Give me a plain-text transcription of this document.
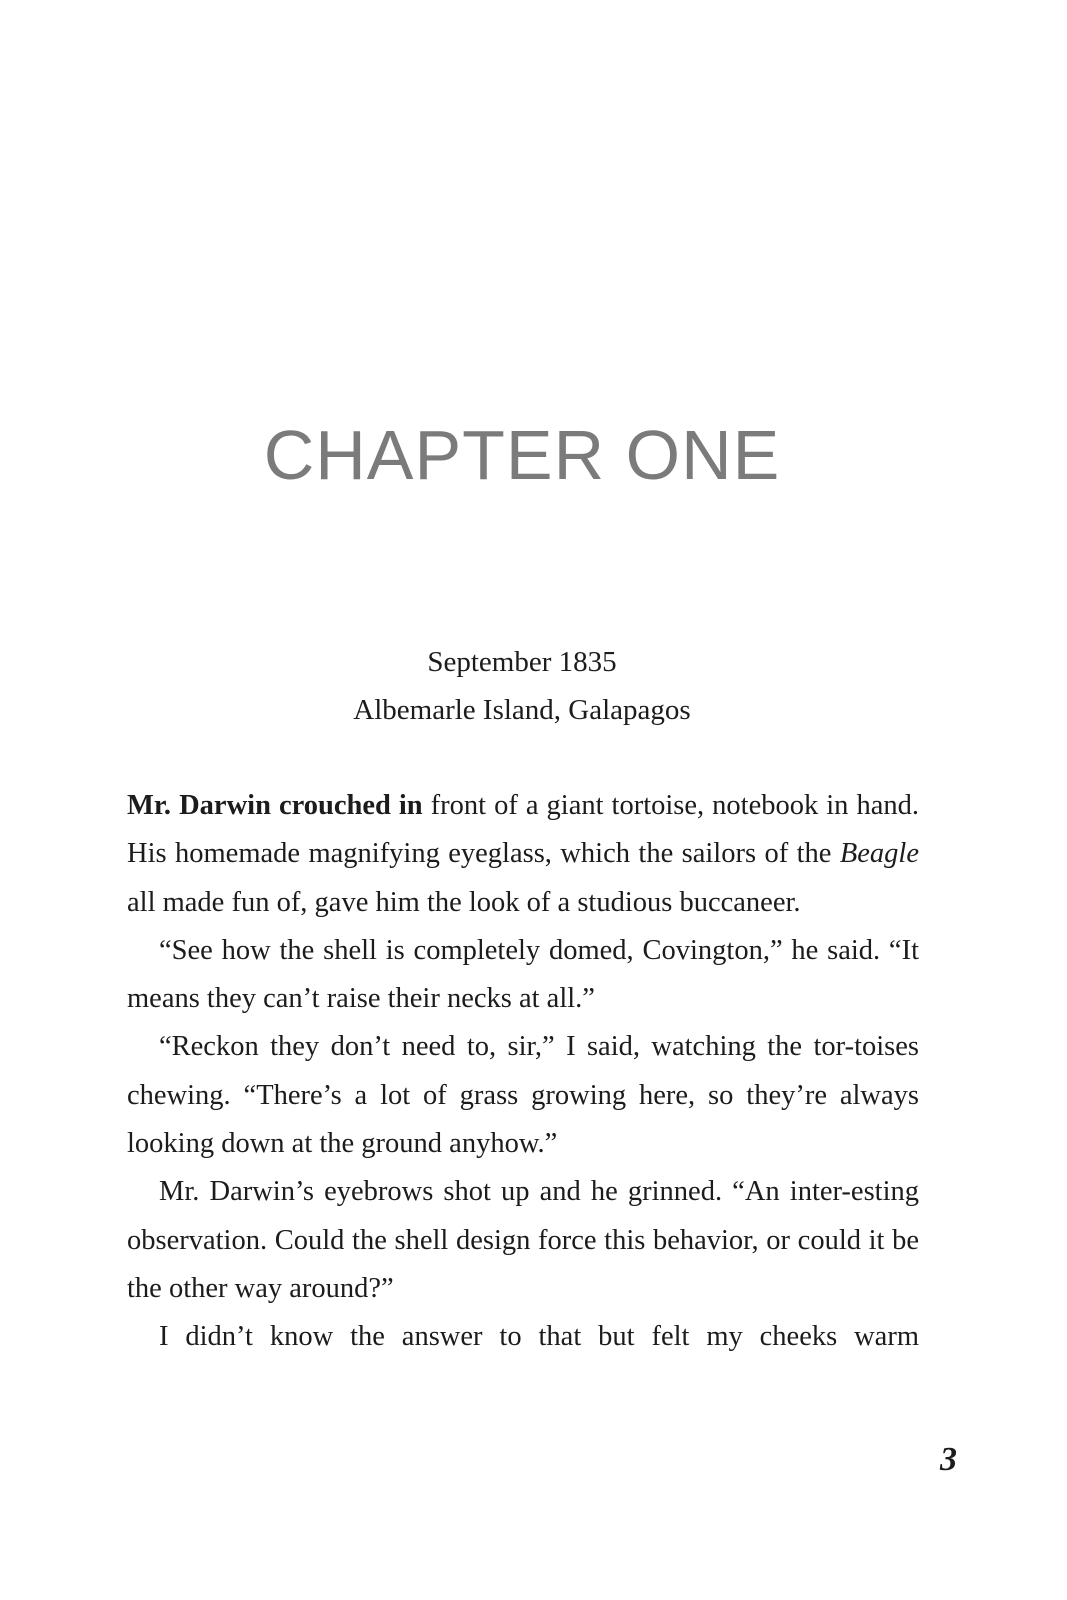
CHAPTER ONE
September 1835
Albemarle Island, Galapagos

Mr. Darwin crouched in front of a giant tortoise, notebook in hand. His homemade magnifying eyeglass, which the sailors of the Beagle all made fun of, gave him the look of a studious buccaneer.

“See how the shell is completely domed, Covington,” he said. “It means they can’t raise their necks at all.”

“Reckon they don’t need to, sir,” I said, watching the tor-toises chewing. “There’s a lot of grass growing here, so they’re always looking down at the ground anyhow.”

Mr. Darwin’s eyebrows shot up and he grinned. “An inter-esting observation. Could the shell design force this behavior, or could it be the other way around?”

I didn’t know the answer to that but felt my cheeks warm

3
